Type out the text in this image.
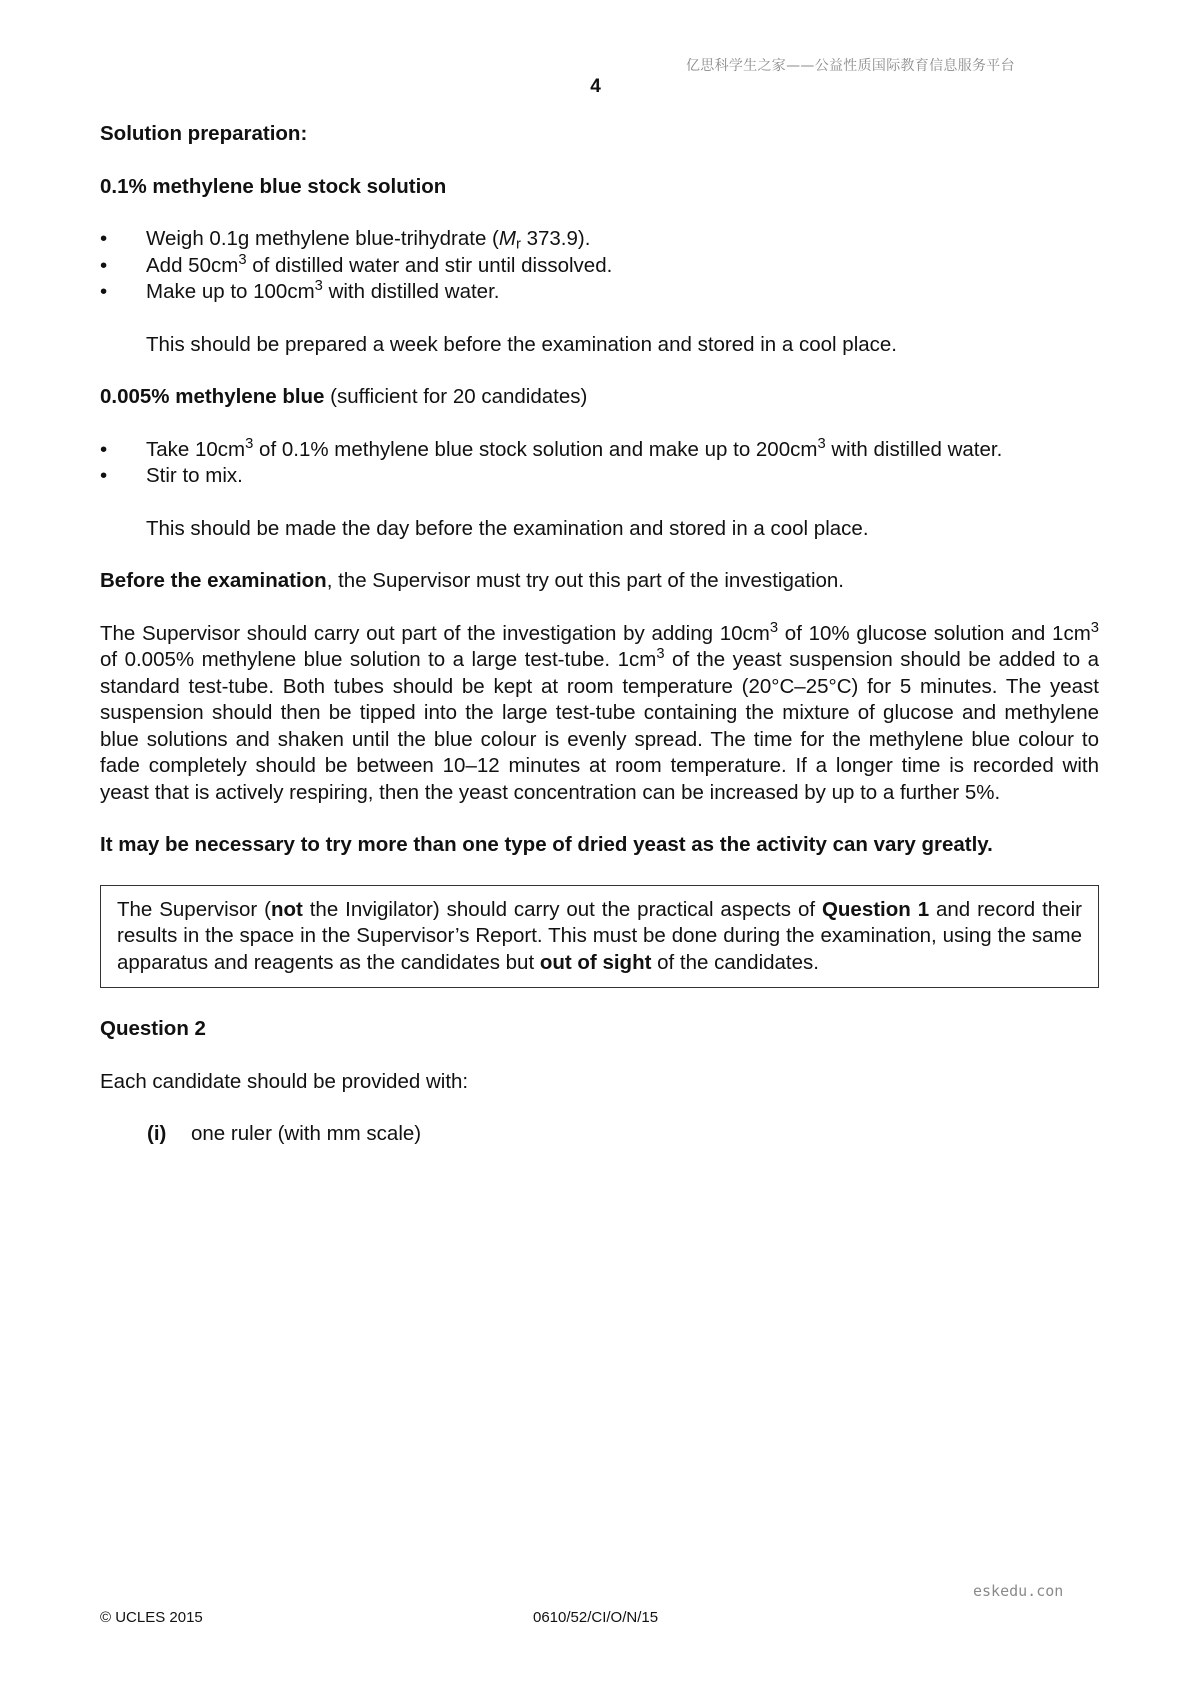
亿思科学生之家——公益性质国际教育信息服务平台
4

Solution preparation:

0.1% methylene blue stock solution

• Weigh 0.1g methylene blue-trihydrate ($M_r$ 373.9).
• Add $50cm^3$ of distilled water and stir until dissolved.
• Make up to $100cm^3$ with distilled water.

This should be prepared a week before the examination and stored in a cool place.

0.005% methylene blue (sufficient for 20 candidates)

• Take $10cm^3$ of 0.1% methylene blue stock solution and make up to $200cm^3$ with distilled water.
• Stir to mix.

This should be made the day before the examination and stored in a cool place.

Before the examination, the Supervisor must try out this part of the investigation.

The Supervisor should carry out part of the investigation by adding $10cm^3$ of 10% glucose solution and $1cm^3$ of 0.005% methylene blue solution to a large test-tube. $1cm^3$ of the yeast suspension should be added to a standard test-tube. Both tubes should be kept at room temperature (20°C–25°C) for 5 minutes. The yeast suspension should then be tipped into the large test-tube containing the mixture of glucose and methylene blue solutions and shaken until the blue colour is evenly spread. The time for the methylene blue colour to fade completely should be between 10–12 minutes at room temperature. If a longer time is recorded with yeast that is actively respiring, then the yeast concentration can be increased by up to a further 5%.

It may be necessary to try more than one type of dried yeast as the activity can vary greatly.

The Supervisor (not the Invigilator) should carry out the practical aspects of Question 1 and record their results in the space in the Supervisor’s Report. This must be done during the examination, using the same apparatus and reagents as the candidates but out of sight of the candidates.

Question 2

Each candidate should be provided with:

(i) one ruler (with mm scale)
eskedu.con
© UCLES 2015	0610/52/CI/O/N/15
